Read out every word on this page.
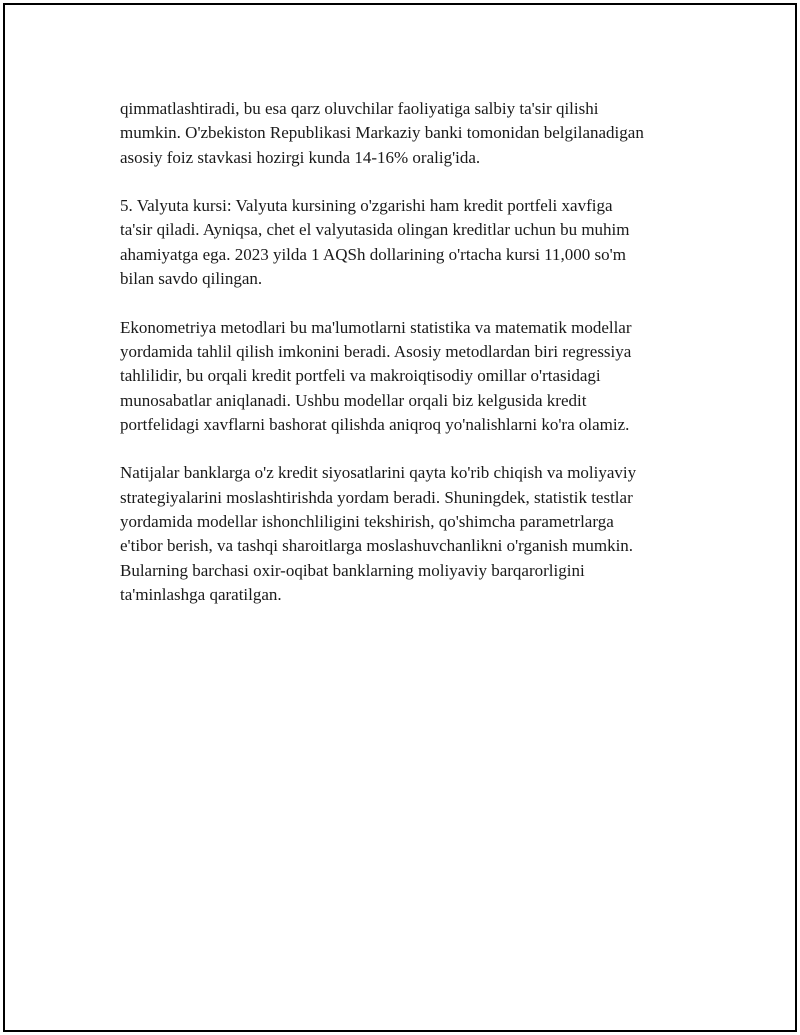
qimmatlashtiradi, bu esa qarz oluvchilar faoliyatiga salbiy ta'sir qilishi
mumkin. O'zbekiston Republikasi Markaziy banki tomonidan belgilanadigan
asosiy foiz stavkasi hozirgi kunda 14-16% oralig'ida.

5. Valyuta kursi: Valyuta kursining o'zgarishi ham kredit portfeli xavfiga
ta'sir qiladi. Ayniqsa, chet el valyutasida olingan kreditlar uchun bu muhim
ahamiyatga ega. 2023 yilda 1 AQSh dollarining o'rtacha kursi 11,000 so'm
bilan savdo qilingan.

Ekonometriya metodlari bu ma'lumotlarni statistika va matematik modellar
yordamida tahlil qilish imkonini beradi. Asosiy metodlardan biri regressiya
tahlilidir, bu orqali kredit portfeli va makroiqtisodiy omillar o'rtasidagi
munosabatlar aniqlanadi. Ushbu modellar orqali biz kelgusida kredit
portfelidagi xavflarni bashorat qilishda aniqroq yo'nalishlarni ko'ra olamiz.

Natijalar banklarga o'z kredit siyosatlarini qayta ko'rib chiqish va moliyaviy
strategiyalarini moslashtirishda yordam beradi. Shuningdek, statistik testlar
yordamida modellar ishonchliligini tekshirish, qo'shimcha parametrlarga
e'tibor berish, va tashqi sharoitlarga moslashuvchanlikni o'rganish mumkin.
Bularning barchasi oxir-oqibat banklarning moliyaviy barqarorligini
ta'minlashga qaratilgan.
